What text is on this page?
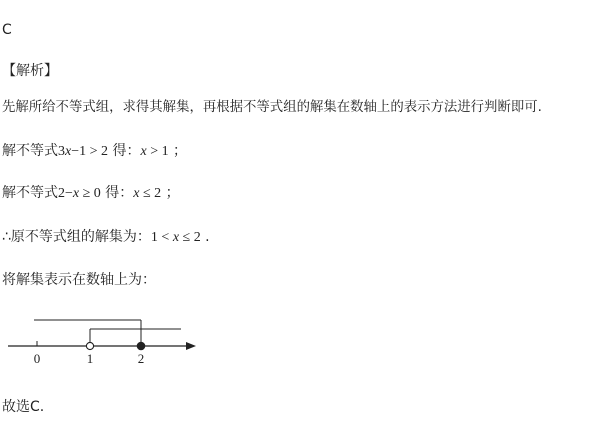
C
【解析】
先解所给不等式组，求得其解集，再根据不等式组的解集在数轴上的表示方法进行判断即可.
解不等式3x−1 > 2 得：x > 1 ；
解不等式2−x ≥ 0 得：x ≤ 2 ；
∴原不等式组的解集为：1 < x ≤ 2 .
将解集表示在数轴上为：
0	1	2
故选C.
